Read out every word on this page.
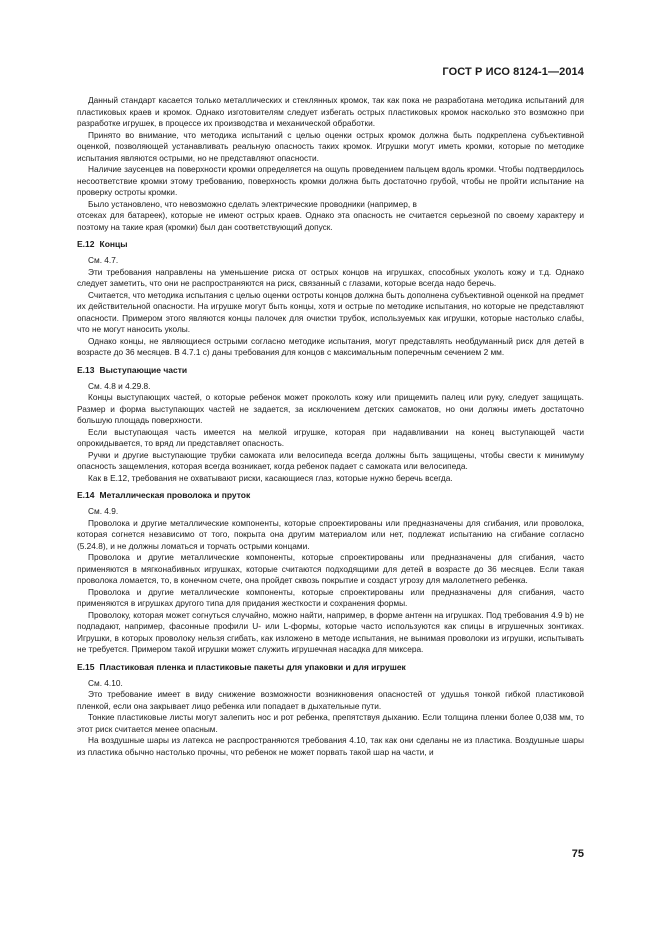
ГОСТ Р ИСО 8124-1—2014

Данный стандарт касается только металлических и стеклянных кромок, так как пока не разработана методика испытаний для пластиковых краев и кромок. Однако изготовителям следует избегать острых пластиковых кромок насколько это возможно при разработке игрушек, в процессе их производства и механической обработки.

Принято во внимание, что методика испытаний с целью оценки острых кромок должна быть подкреплена субъективной оценкой, позволяющей устанавливать реальную опасность таких кромок. Игрушки могут иметь кромки, которые по методике испытания являются острыми, но не представляют опасности.

Наличие заусенцев на поверхности кромки определяется на ощупь проведением пальцем вдоль кромки. Чтобы подтвердилось несоответствие кромки этому требованию, поверхность кромки должна быть достаточно грубой, чтобы не пройти испытание на проверку остроты кромки.

Было установлено, что невозможно сделать электрические проводники (например, в

отсеках для батареек), которые не имеют острых краев. Однако эта опасность не считается серьезной по своему характеру и поэтому на такие края (кромки) был дан соответствующий допуск.

E.12 Концы

См. 4.7.

Эти требования направлены на уменьшение риска от острых концов на игрушках, способных уколоть кожу и т.д. Однако следует заметить, что они не распространяются на риск, связанный с глазами, которые всегда надо беречь.

Считается, что методика испытания с целью оценки остроты концов должна быть дополнена субъективной оценкой на предмет их действительной опасности. На игрушке могут быть концы, хотя и острые по методике испытания, но которые не представляют опасности. Примером этого являются концы палочек для очистки трубок, используемых как игрушки, которые настолько слабы, что не могут наносить уколы.

Однако концы, не являющиеся острыми согласно методике испытания, могут представлять необдуманный риск для детей в возрасте до 36 месяцев. В 4.7.1 с) даны требования для концов с максимальным поперечным сечением 2 мм.

E.13 Выступающие части

См. 4.8 и 4.29.8.

Концы выступающих частей, о которые ребенок может проколоть кожу или прищемить палец или руку, следует защищать. Размер и форма выступающих частей не задается, за исключением детских самокатов, но они должны иметь достаточно большую площадь поверхности.

Если выступающая часть имеется на мелкой игрушке, которая при надавливании на конец выступающей части опрокидывается, то вряд ли представляет опасность.

Ручки и другие выступающие трубки самоката или велосипеда всегда должны быть защищены, чтобы свести к минимуму опасность защемления, которая всегда возникает, когда ребенок падает с самоката или велосипеда.

Как в Е.12, требования не охватывают риски, касающиеся глаз, которые нужно беречь всегда.

E.14 Металлическая проволока и пруток

См. 4.9.

Проволока и другие металлические компоненты, которые спроектированы или предназначены для сгибания, или проволока, которая согнется независимо от того, покрыта она другим материалом или нет, подлежат испытанию на сгибание согласно (5.24.8), и не должны ломаться и торчать острыми концами.

Проволока и другие металлические компоненты, которые спроектированы или предназначены для сгибания, часто применяются в мягконабивных игрушках, которые считаются подходящими для детей в возрасте до 36 месяцев. Если такая проволока ломается, то, в конечном счете, она пройдет сквозь покрытие и создаст угрозу для малолетнего ребенка.

Проволока и другие металлические компоненты, которые спроектированы или предназначены для сгибания, часто применяются в игрушках другого типа для придания жесткости и сохранения формы.

Проволоку, которая может согнуться случайно, можно найти, например, в форме антенн на игрушках. Под требования 4.9 b) не подпадают, например, фасонные профили U- или L-формы, которые часто используются как спицы в игрушечных зонтиках. Игрушки, в которых проволоку нельзя сгибать, как изложено в методе испытания, не вынимая проволоки из игрушки, испытывать не требуется. Примером такой игрушки может служить игрушечная насадка для миксера.

E.15 Пластиковая пленка и пластиковые пакеты для упаковки и для игрушек

См. 4.10.

Это требование имеет в виду снижение возможности возникновения опасностей от удушья тонкой гибкой пластиковой пленкой, если она закрывает лицо ребенка или попадает в дыхательные пути.

Тонкие пластиковые листы могут залепить нос и рот ребенка, препятствуя дыханию. Если толщина пленки более 0,038 мм, то этот риск считается менее опасным.

На воздушные шары из латекса не распространяются требования 4.10, так как они сделаны не из пластика. Воздушные шары из пластика обычно настолько прочны, что ребенок не может порвать такой шар на части, и

75
